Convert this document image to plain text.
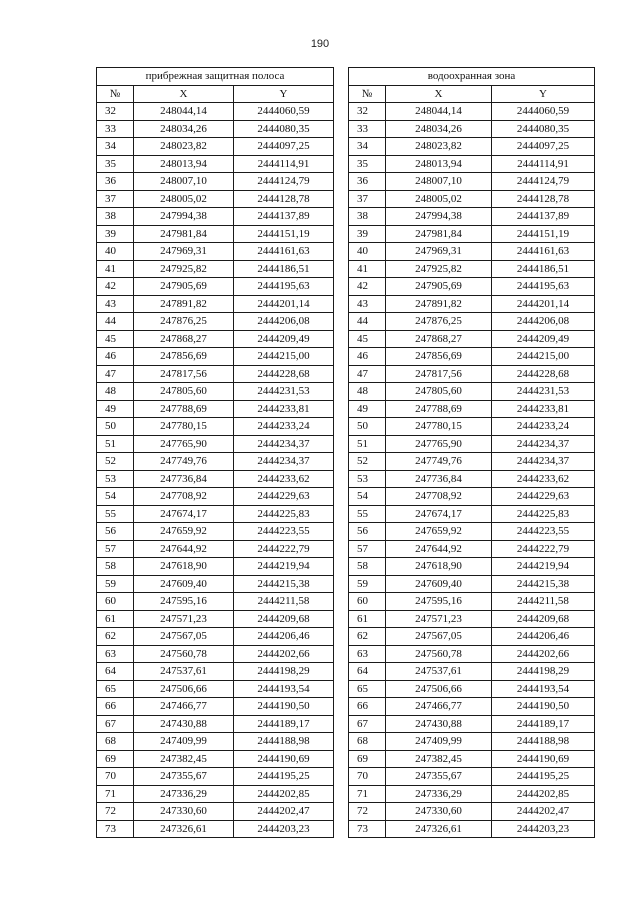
190
прибрежная защитная полоса		
№	X	Y
32	248044,14	2444060,59
33	248034,26	2444080,35
34	248023,82	2444097,25
35	248013,94	2444114,91
36	248007,10	2444124,79
37	248005,02	2444128,78
38	247994,38	2444137,89
39	247981,84	2444151,19
40	247969,31	2444161,63
41	247925,82	2444186,51
42	247905,69	2444195,63
43	247891,82	2444201,14
44	247876,25	2444206,08
45	247868,27	2444209,49
46	247856,69	2444215,00
47	247817,56	2444228,68
48	247805,60	2444231,53
49	247788,69	2444233,81
50	247780,15	2444233,24
51	247765,90	2444234,37
52	247749,76	2444234,37
53	247736,84	2444233,62
54	247708,92	2444229,63
55	247674,17	2444225,83
56	247659,92	2444223,55
57	247644,92	2444222,79
58	247618,90	2444219,94
59	247609,40	2444215,38
60	247595,16	2444211,58
61	247571,23	2444209,68
62	247567,05	2444206,46
63	247560,78	2444202,66
64	247537,61	2444198,29
65	247506,66	2444193,54
66	247466,77	2444190,50
67	247430,88	2444189,17
68	247409,99	2444188,98
69	247382,45	2444190,69
70	247355,67	2444195,25
71	247336,29	2444202,85
72	247330,60	2444202,47
73	247326,61	2444203,23
водоохранная зона		
№	X	Y
32	248044,14	2444060,59
33	248034,26	2444080,35
34	248023,82	2444097,25
35	248013,94	2444114,91
36	248007,10	2444124,79
37	248005,02	2444128,78
38	247994,38	2444137,89
39	247981,84	2444151,19
40	247969,31	2444161,63
41	247925,82	2444186,51
42	247905,69	2444195,63
43	247891,82	2444201,14
44	247876,25	2444206,08
45	247868,27	2444209,49
46	247856,69	2444215,00
47	247817,56	2444228,68
48	247805,60	2444231,53
49	247788,69	2444233,81
50	247780,15	2444233,24
51	247765,90	2444234,37
52	247749,76	2444234,37
53	247736,84	2444233,62
54	247708,92	2444229,63
55	247674,17	2444225,83
56	247659,92	2444223,55
57	247644,92	2444222,79
58	247618,90	2444219,94
59	247609,40	2444215,38
60	247595,16	2444211,58
61	247571,23	2444209,68
62	247567,05	2444206,46
63	247560,78	2444202,66
64	247537,61	2444198,29
65	247506,66	2444193,54
66	247466,77	2444190,50
67	247430,88	2444189,17
68	247409,99	2444188,98
69	247382,45	2444190,69
70	247355,67	2444195,25
71	247336,29	2444202,85
72	247330,60	2444202,47
73	247326,61	2444203,23
